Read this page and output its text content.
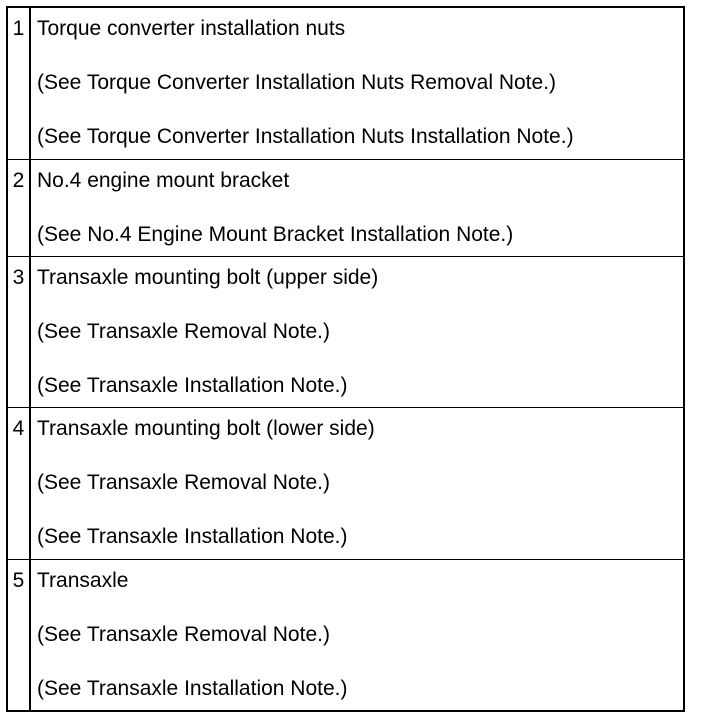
1 Torque converter installation nuts
(See Torque Converter Installation Nuts Removal Note.)
(See Torque Converter Installation Nuts Installation Note.)
2 No.4 engine mount bracket
(See No.4 Engine Mount Bracket Installation Note.)
3 Transaxle mounting bolt (upper side)
(See Transaxle Removal Note.)
(See Transaxle Installation Note.)
4 Transaxle mounting bolt (lower side)
(See Transaxle Removal Note.)
(See Transaxle Installation Note.)
5 Transaxle
(See Transaxle Removal Note.)
(See Transaxle Installation Note.)
